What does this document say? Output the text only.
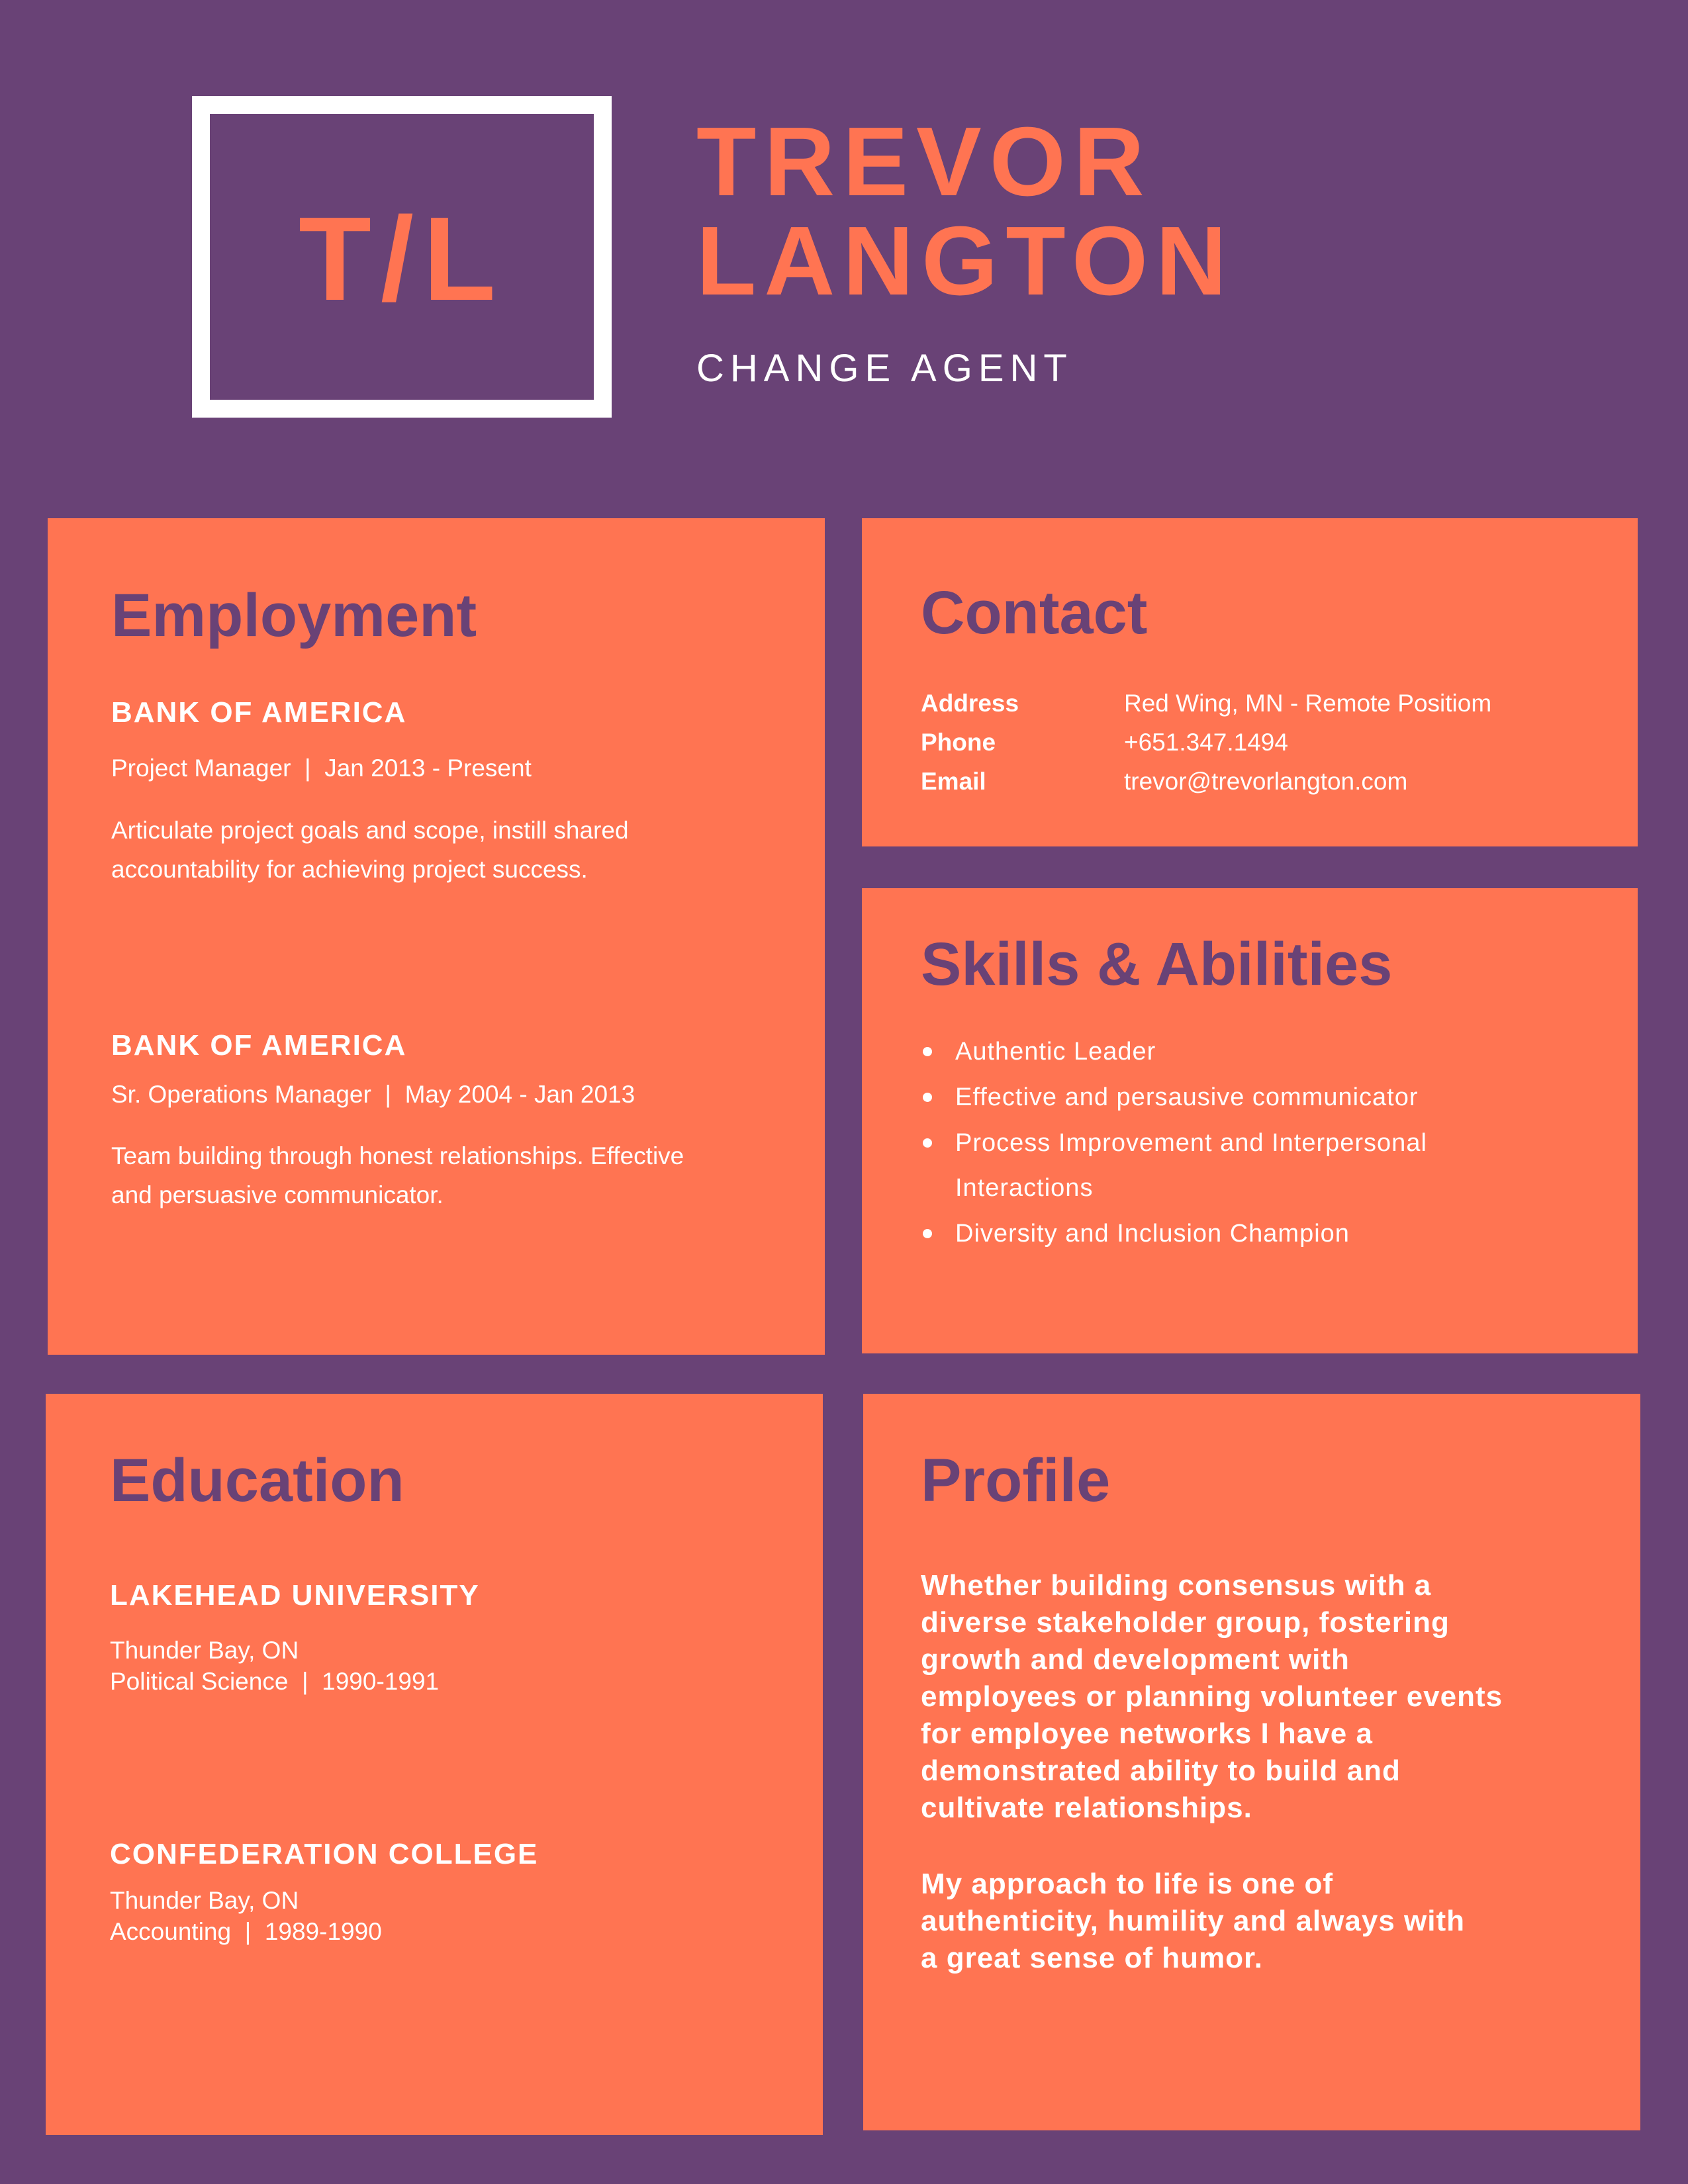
T/L
TREVOR
LANGTON
CHANGE AGENT
Employment
BANK OF AMERICA
Project Manager | Jan 2013 - Present
Articulate project goals and scope, instill shared
accountability for achieving project success.
BANK OF AMERICA
Sr. Operations Manager | May 2004 - Jan 2013
Team building through honest relationships. Effective
and persuasive communicator.
Contact
Address	Red Wing, MN - Remote Positiom
Phone	+651.347.1494
Email	trevor@trevorlangton.com
Skills & Abilities
Authentic Leader
Effective and persausive communicator
Process Improvement and Interpersonal
Interactions
Diversity and Inclusion Champion
Education
LAKEHEAD UNIVERSITY
Thunder Bay, ON
Political Science | 1990-1991
CONFEDERATION COLLEGE
Thunder Bay, ON
Accounting | 1989-1990
Profile
Whether building consensus with a
diverse stakeholder group, fostering
growth and development with
employees or planning volunteer events
for employee networks I have a
demonstrated ability to build and
cultivate relationships.
My approach to life is one of
authenticity, humility and always with
a great sense of humor.
